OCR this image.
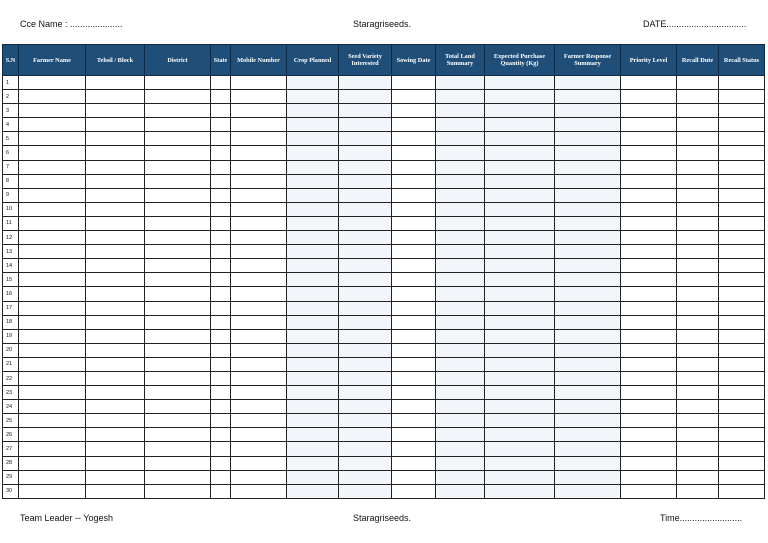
Cce Name : .....................	Staragriseeds.	DATE................................
S.N	Farmer Name	Tehsil / Block	District	State	Mobile Number	Crop Planned	Seed Variety Interested	Sowing Date	Total Land Summary	Expected Purchase Quantity (Kg)	Farmer Response Summary	Priority Level	Recall Dute	Recall Status
1														
2														
3														
4														
5														
6														
7														
8														
9														
10														
11														
12														
13														
14														
15														
16														
17														
18														
19														
20														
21														
22														
23														
24														
25														
26														
27														
28														
29														
30														
Team Leader -- Yogesh	Staragriseeds.	Time.........................
